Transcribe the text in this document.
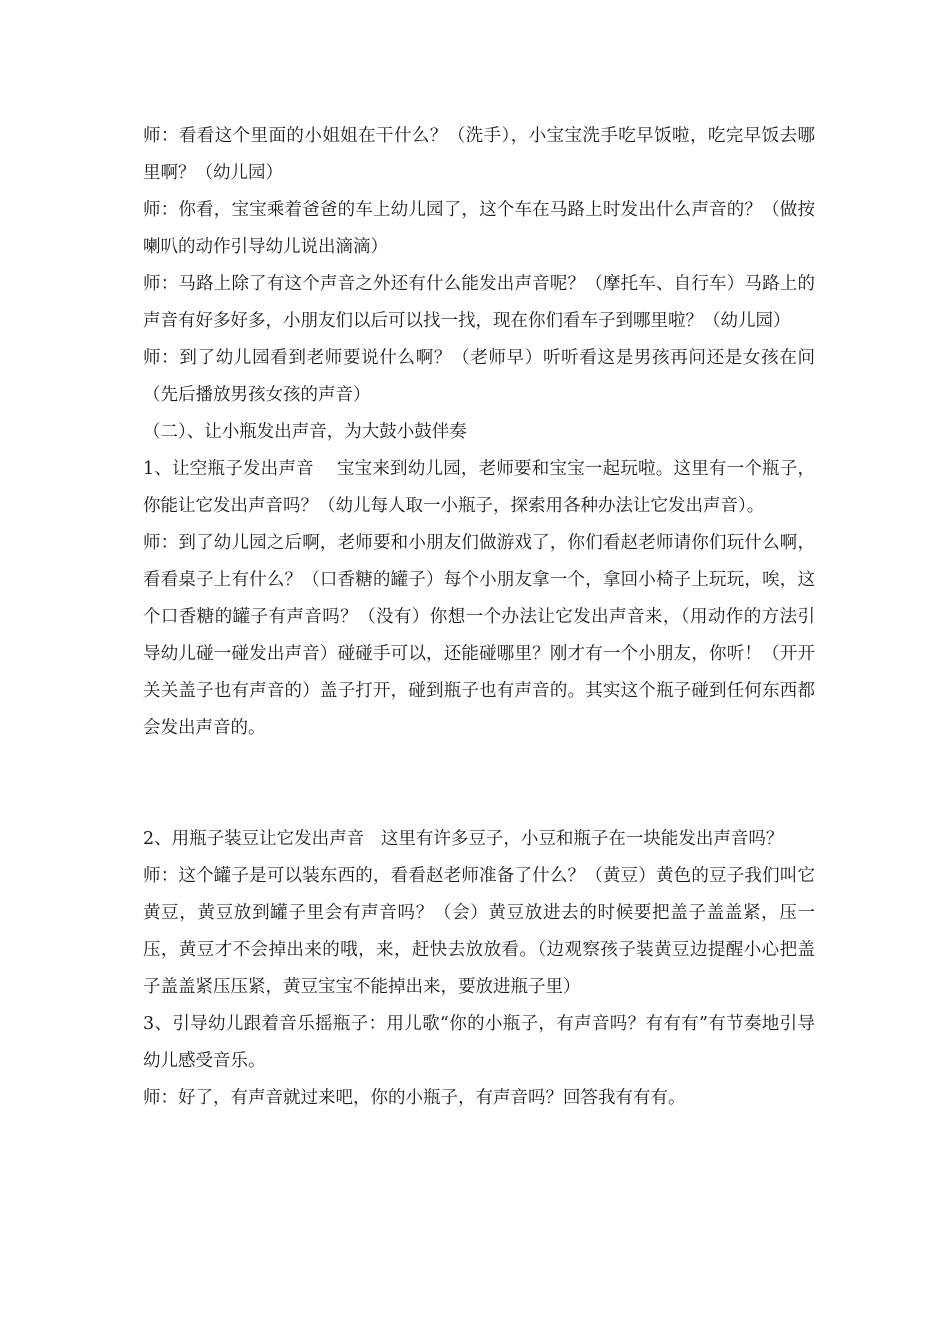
师：看看这个里面的小姐姐在干什么？（洗手），小宝宝洗手吃早饭啦，吃完早饭去哪里啊？（幼儿园）

师：你看，宝宝乘着爸爸的车上幼儿园了，这个车在马路上时发出什么声音的？（做按喇叭的动作引导幼儿说出滴滴）

师：马路上除了有这个声音之外还有什么能发出声音呢？（摩托车、自行车）马路上的声音有好多好多，小朋友们以后可以找一找，现在你们看车子到哪里啦？（幼儿园）

师：到了幼儿园看到老师要说什么啊？（老师早）听听看这是男孩再问还是女孩在问（先后播放男孩女孩的声音）

（二）、让小瓶发出声音，为大鼓小鼓伴奏

1、让空瓶子发出声音    宝宝来到幼儿园，老师要和宝宝一起玩啦。这里有一个瓶子，你能让它发出声音吗？（幼儿每人取一小瓶子，探索用各种办法让它发出声音）。

师：到了幼儿园之后啊，老师要和小朋友们做游戏了，你们看赵老师请你们玩什么啊，看看桌子上有什么？（口香糖的罐子）每个小朋友拿一个，拿回小椅子上玩玩，唉，这个口香糖的罐子有声音吗？（没有）你想一个办法让它发出声音来，（用动作的方法引导幼儿碰一碰发出声音）碰碰手可以，还能碰哪里？刚才有一个小朋友，你听！（开开关关盖子也有声音的）盖子打开，碰到瓶子也有声音的。其实这个瓶子碰到任何东西都会发出声音的。

2、用瓶子装豆让它发出声音   这里有许多豆子，小豆和瓶子在一块能发出声音吗？

师：这个罐子是可以装东西的，看看赵老师准备了什么？（黄豆）黄色的豆子我们叫它黄豆，黄豆放到罐子里会有声音吗？（会）黄豆放进去的时候要把盖子盖盖紧，压一压，黄豆才不会掉出来的哦，来，赶快去放放看。（边观察孩子装黄豆边提醒小心把盖子盖盖紧压压紧，黄豆宝宝不能掉出来，要放进瓶子里）

3、引导幼儿跟着音乐摇瓶子：用儿歌“你的小瓶子，有声音吗？有有有”有节奏地引导幼儿感受音乐。

师：好了，有声音就过来吧，你的小瓶子，有声音吗？回答我有有有。
